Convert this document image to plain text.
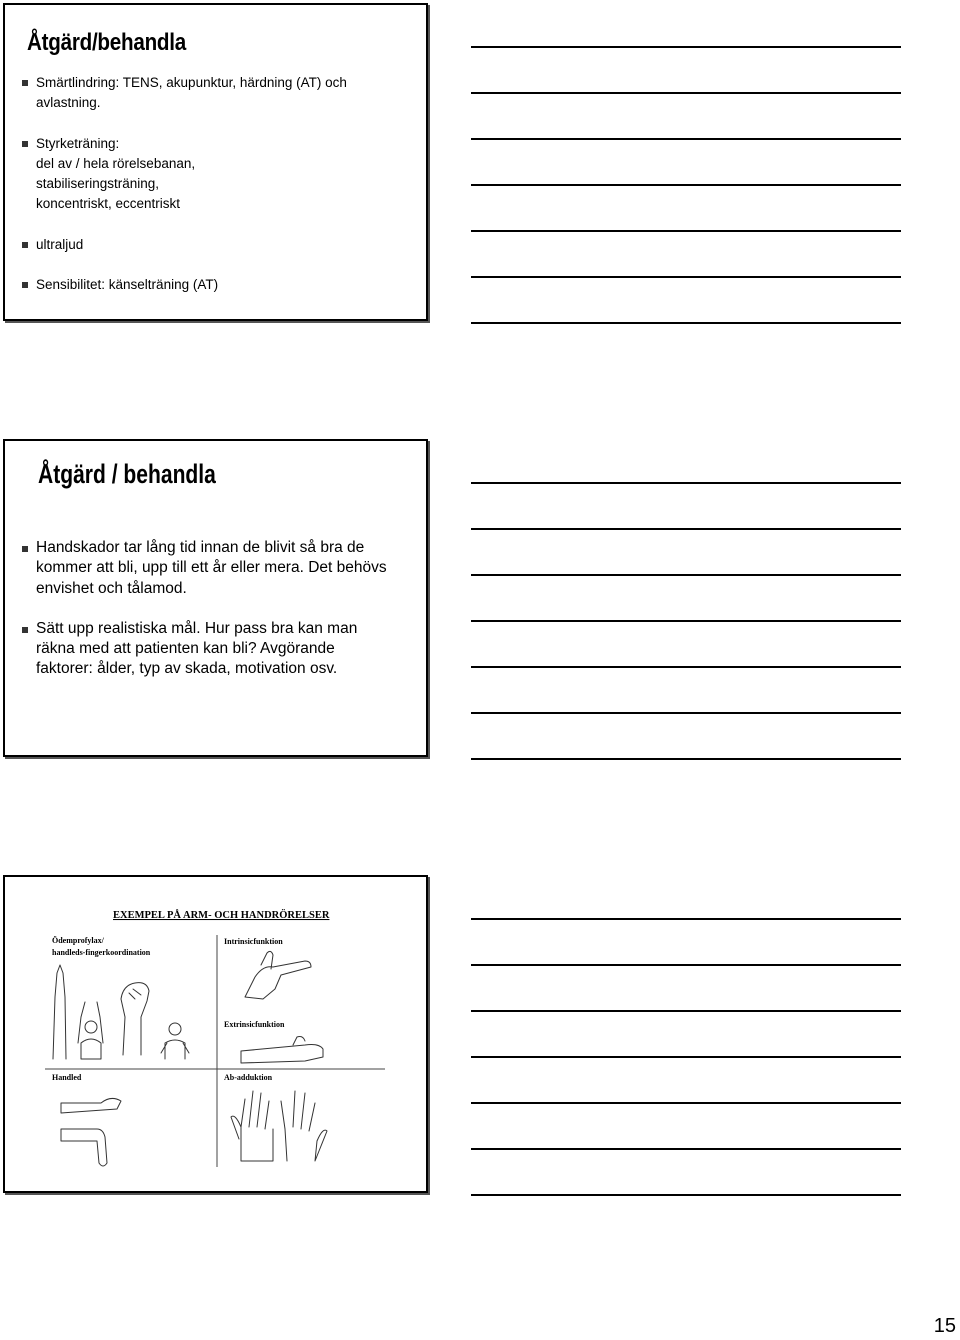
Åtgärd/behandla
Smärtlindring: TENS, akupunktur, härdning (AT) och
avlastning.
Styrketräning:
del av / hela rörelsebanan,
stabiliseringsträning,
koncentriskt, eccentriskt
ultraljud
Sensibilitet: känselträning (AT)
Åtgärd / behandla
Handskador tar lång tid innan de blivit så bra de
kommer att bli, upp till ett år eller mera. Det behövs
envishet och tålamod.
Sätt upp realistiska mål. Hur pass bra kan man
räkna med att patienten kan bli? Avgörande
faktorer: ålder, typ av skada, motivation osv.
EXEMPEL PÅ ARM- OCH HANDRÖRELSER
Ödemprofylax/
handleds-fingerkoordination
Intrinsicfunktion
Extrinsicfunktion
Handled	Ab-adduktion
15
